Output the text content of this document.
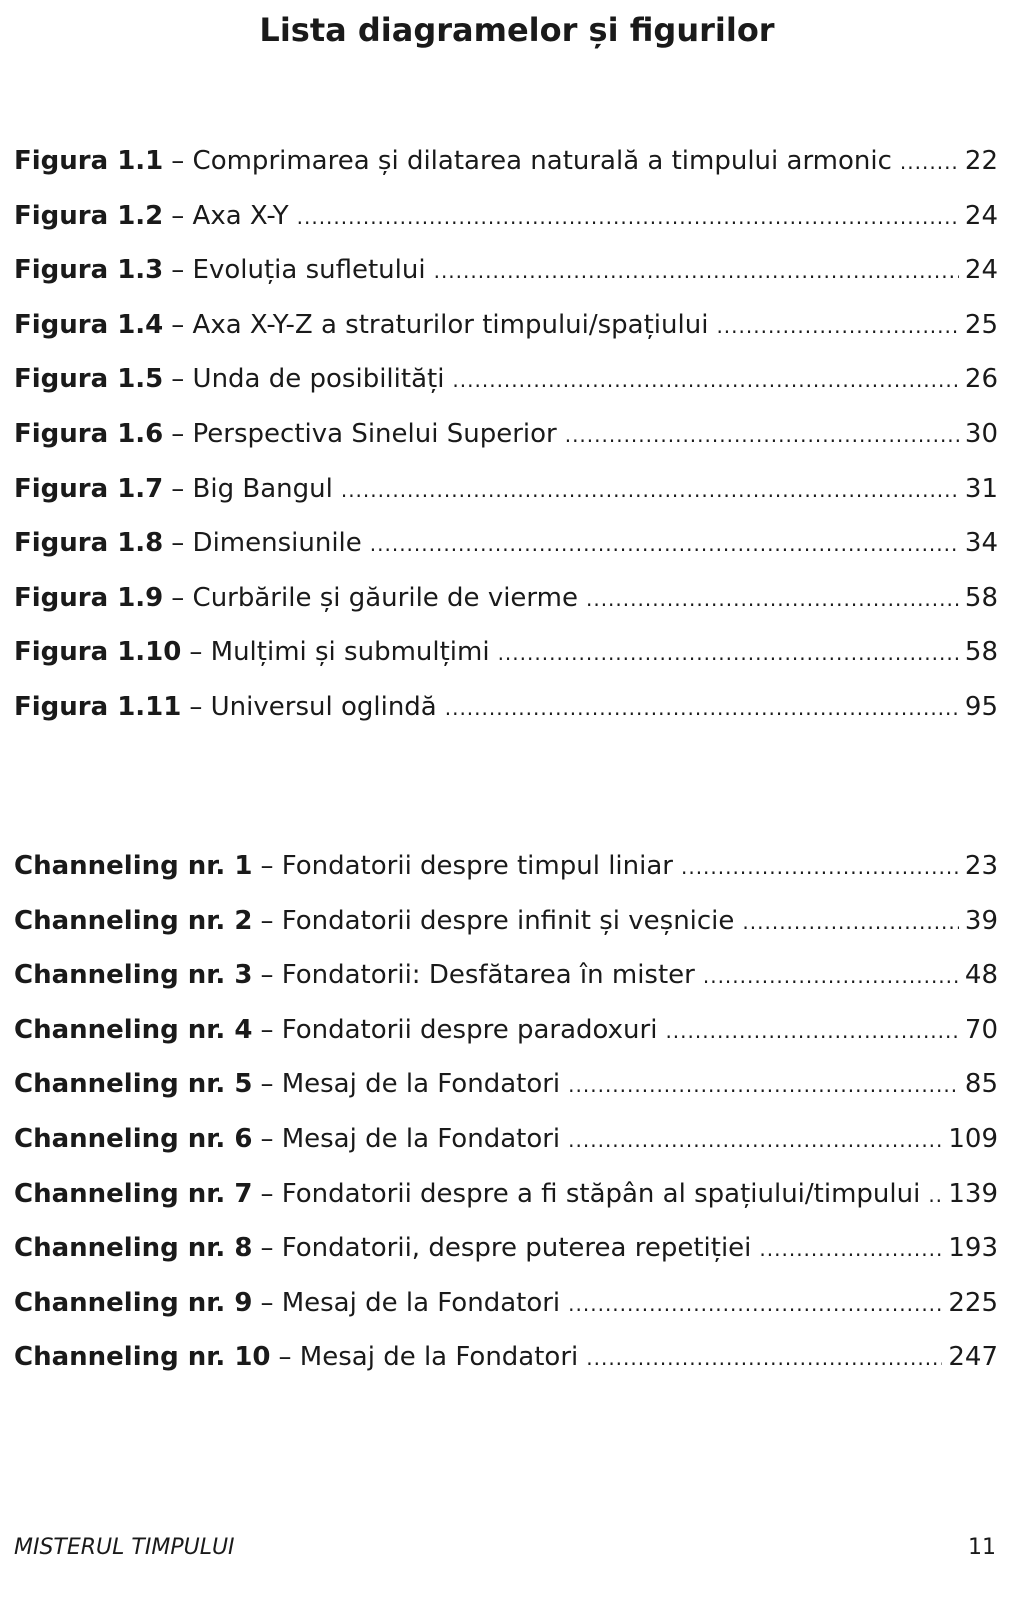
Lista diagramelor și figurilor
Figura 1.1 – Comprimarea și dilatarea naturală a timpului armonic .....	22
Figura 1.2 – Axa X-Y .....	24
Figura 1.3 – Evoluția sufletului .....	24
Figura 1.4 – Axa X-Y-Z a straturilor timpului/spațiului .....	25
Figura 1.5 – Unda de posibilități .....	26
Figura 1.6 – Perspectiva Sinelui Superior .....	30
Figura 1.7 – Big Bangul .....	31
Figura 1.8 – Dimensiunile .....	34
Figura 1.9 – Curbările și găurile de vierme .....	58
Figura 1.10 – Mulțimi și submulțimi .....	58
Figura 1.11 – Universul oglindă .....	95
Channeling nr. 1 – Fondatorii despre timpul liniar .....	23
Channeling nr. 2 – Fondatorii despre infinit și veșnicie .....	39
Channeling nr. 3 – Fondatorii: Desfătarea în mister .....	48
Channeling nr. 4 – Fondatorii despre paradoxuri .....	70
Channeling nr. 5 – Mesaj de la Fondatori .....	85
Channeling nr. 6 – Mesaj de la Fondatori .....	109
Channeling nr. 7 – Fondatorii despre a fi stăpân al spațiului/timpului ..... 139
Channeling nr. 8 – Fondatorii, despre puterea repetiției .....	193
Channeling nr. 9 – Mesaj de la Fondatori .....	225
Channeling nr. 10 – Mesaj de la Fondatori .....	247
MISTERUL TIMPULUI	11
